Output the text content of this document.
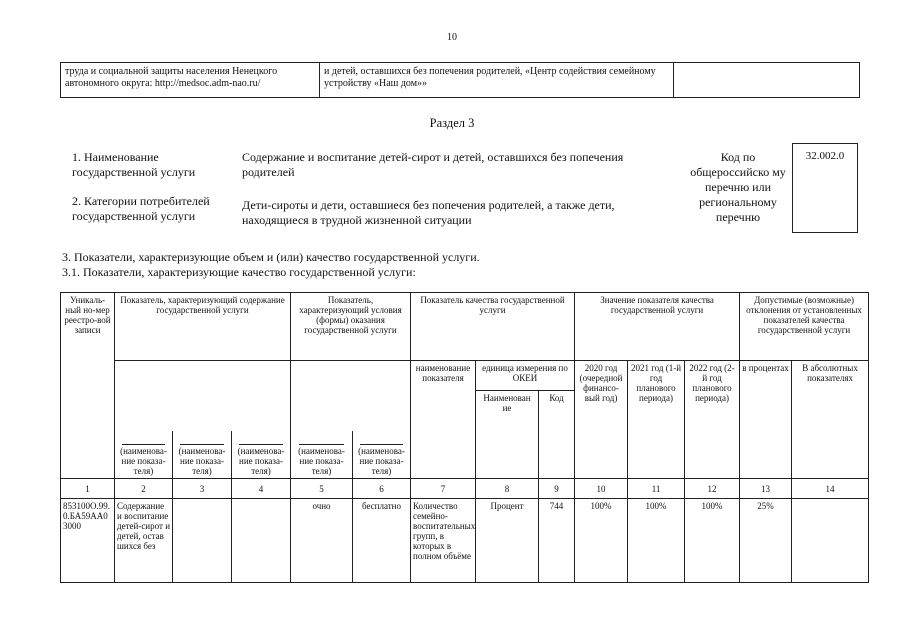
10
труда и социальной защиты населения Ненецкого автономного округа: http://medsoc.adm-nao.ru/	и детей, оставшихся без попечения родителей, «Центр содействия семейному устройству «Наш дом»»	
Раздел 3
1. Наименование государственной услуги
Содержание и воспитание детей-сирот и детей, оставшихся без попечения родителей
2. Категории потребителей государственной услуги
Дети-сироты и дети, оставшиеся без попечения родителей, а также дети, находящиеся в трудной жизненной ситуации
Код по общероссийско му перечню или региональному перечню
32.002.0
3. Показатели, характеризующие объем и (или) качество государственной услуги.
3.1. Показатели, характеризующие качество государственной услуги:
Уникаль-ный но-мер реестро-вой записи	Показатель, характеризующий содержание государственной услуги			Показатель, характеризующий условия (формы) оказания государственной услуги		Показатель качества государственной услуги			Значение показателя качества государственной услуги			Допустимые (возможные) отклонения от установленных показателей качества государственной услуги	
						наименование показателя	единица измерения по ОКЕИ		2020 год (очередной финансо-вый год)	2021 год (1-й год планового периода)	2022 год (2-й год планового периода)	в процентах	В абсолютных показателях
							Наименован ие	Код					

(наименова-ние показа-теля)	(наименова-ние показа-теля)	(наименова-ние показа-теля)	(наименова-ние показа-теля)	(наименова-ние показа-теля)								
1	2	3	4	5	6	7	8	9	10	11	12	13	14
853100О.99.0.БА59АА03000	Содержание и воспитание детей-сирот и детей, оставшихся без			очно	бесплатно	Количество семейно-воспитательных групп, в которых в полном объёме	Процент	744	100%	100%	100%	25%	
